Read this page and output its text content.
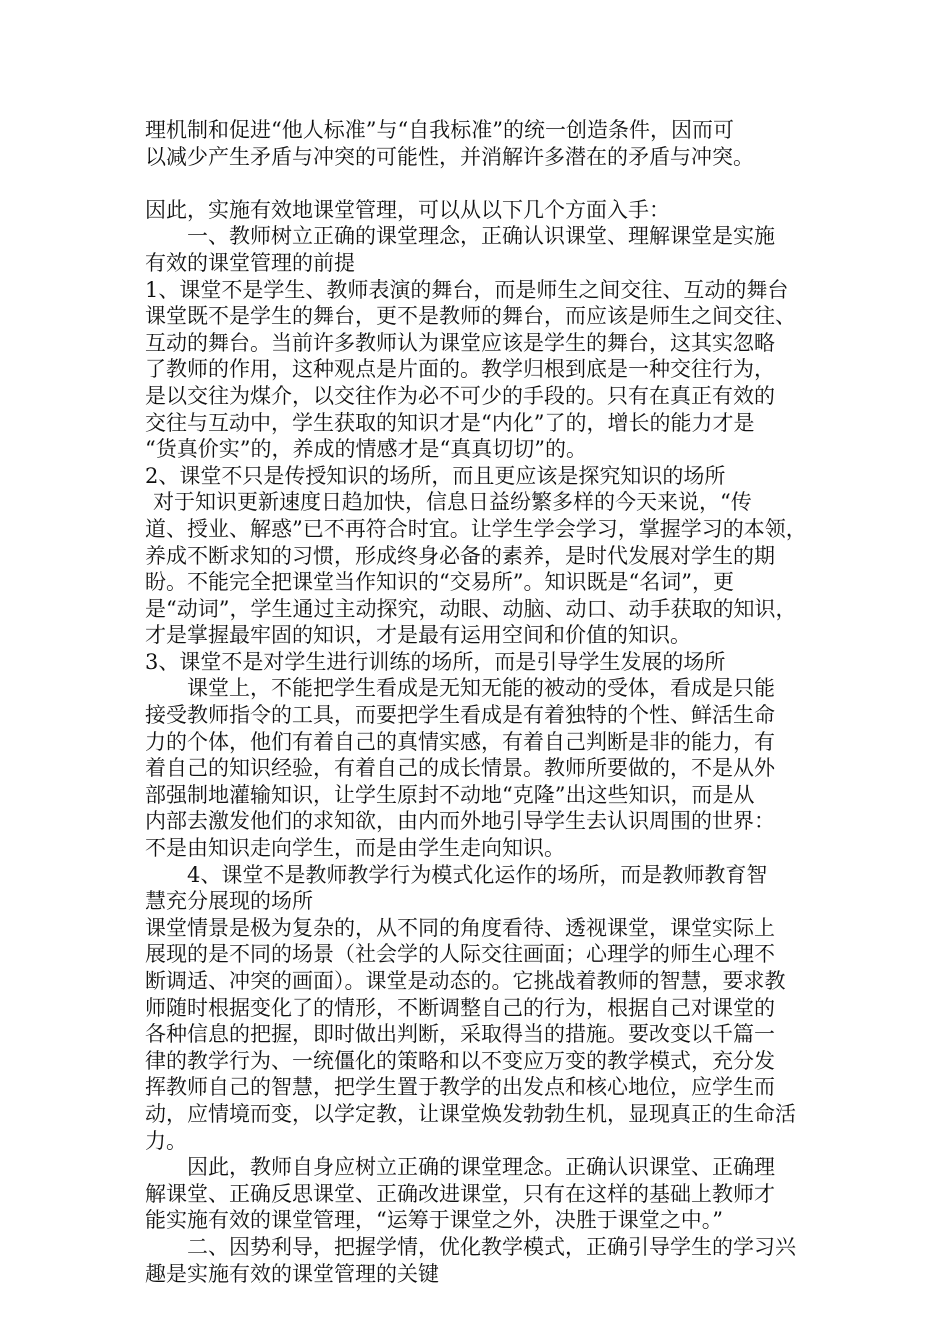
理机制和促进“他人标准”与“自我标准”的统一创造条件，因而可
以减少产生矛盾与冲突的可能性，并消解许多潜在的矛盾与冲突。
因此，实施有效地课堂管理，可以从以下几个方面入手：
一、教师树立正确的课堂理念，正确认识课堂、理解课堂是实施
有效的课堂管理的前提
1、课堂不是学生、教师表演的舞台，而是师生之间交往、互动的舞台
课堂既不是学生的舞台，更不是教师的舞台，而应该是师生之间交往、
互动的舞台。当前许多教师认为课堂应该是学生的舞台，这其实忽略
了教师的作用，这种观点是片面的。教学归根到底是一种交往行为，
是以交往为煤介，以交往作为必不可少的手段的。只有在真正有效的
交往与互动中，学生获取的知识才是“内化”了的，增长的能力才是
“货真价实”的，养成的情感才是“真真切切”的。
2、课堂不只是传授知识的场所，而且更应该是探究知识的场所
对于知识更新速度日趋加快，信息日益纷繁多样的今天来说，“传
道、授业、解惑”已不再符合时宜。让学生学会学习，掌握学习的本领，
养成不断求知的习惯，形成终身必备的素养，是时代发展对学生的期
盼。不能完全把课堂当作知识的“交易所”。知识既是“名词”，更
是“动词”，学生通过主动探究，动眼、动脑、动口、动手获取的知识，
才是掌握最牢固的知识，才是最有运用空间和价值的知识。
3、课堂不是对学生进行训练的场所，而是引导学生发展的场所
课堂上，不能把学生看成是无知无能的被动的受体，看成是只能
接受教师指令的工具，而要把学生看成是有着独特的个性、鲜活生命
力的个体，他们有着自己的真情实感，有着自己判断是非的能力，有
着自己的知识经验，有着自己的成长情景。教师所要做的，不是从外
部强制地灌输知识，让学生原封不动地“克隆”出这些知识，而是从
内部去激发他们的求知欲，由内而外地引导学生去认识周围的世界：
不是由知识走向学生，而是由学生走向知识。
4、课堂不是教师教学行为模式化运作的场所，而是教师教育智
慧充分展现的场所
课堂情景是极为复杂的，从不同的角度看待、透视课堂，课堂实际上
展现的是不同的场景（社会学的人际交往画面；心理学的师生心理不
断调适、冲突的画面）。课堂是动态的。它挑战着教师的智慧，要求教
师随时根据变化了的情形，不断调整自己的行为，根据自己对课堂的
各种信息的把握，即时做出判断，采取得当的措施。要改变以千篇一
律的教学行为、一统僵化的策略和以不变应万变的教学模式，充分发
挥教师自己的智慧，把学生置于教学的出发点和核心地位，应学生而
动，应情境而变，以学定教，让课堂焕发勃勃生机，显现真正的生命活
力。
因此，教师自身应树立正确的课堂理念。正确认识课堂、正确理
解课堂、正确反思课堂、正确改进课堂，只有在这样的基础上教师才
能实施有效的课堂管理，“运筹于课堂之外，决胜于课堂之中。”
二、因势利导，把握学情，优化教学模式，正确引导学生的学习兴
趣是实施有效的课堂管理的关键
